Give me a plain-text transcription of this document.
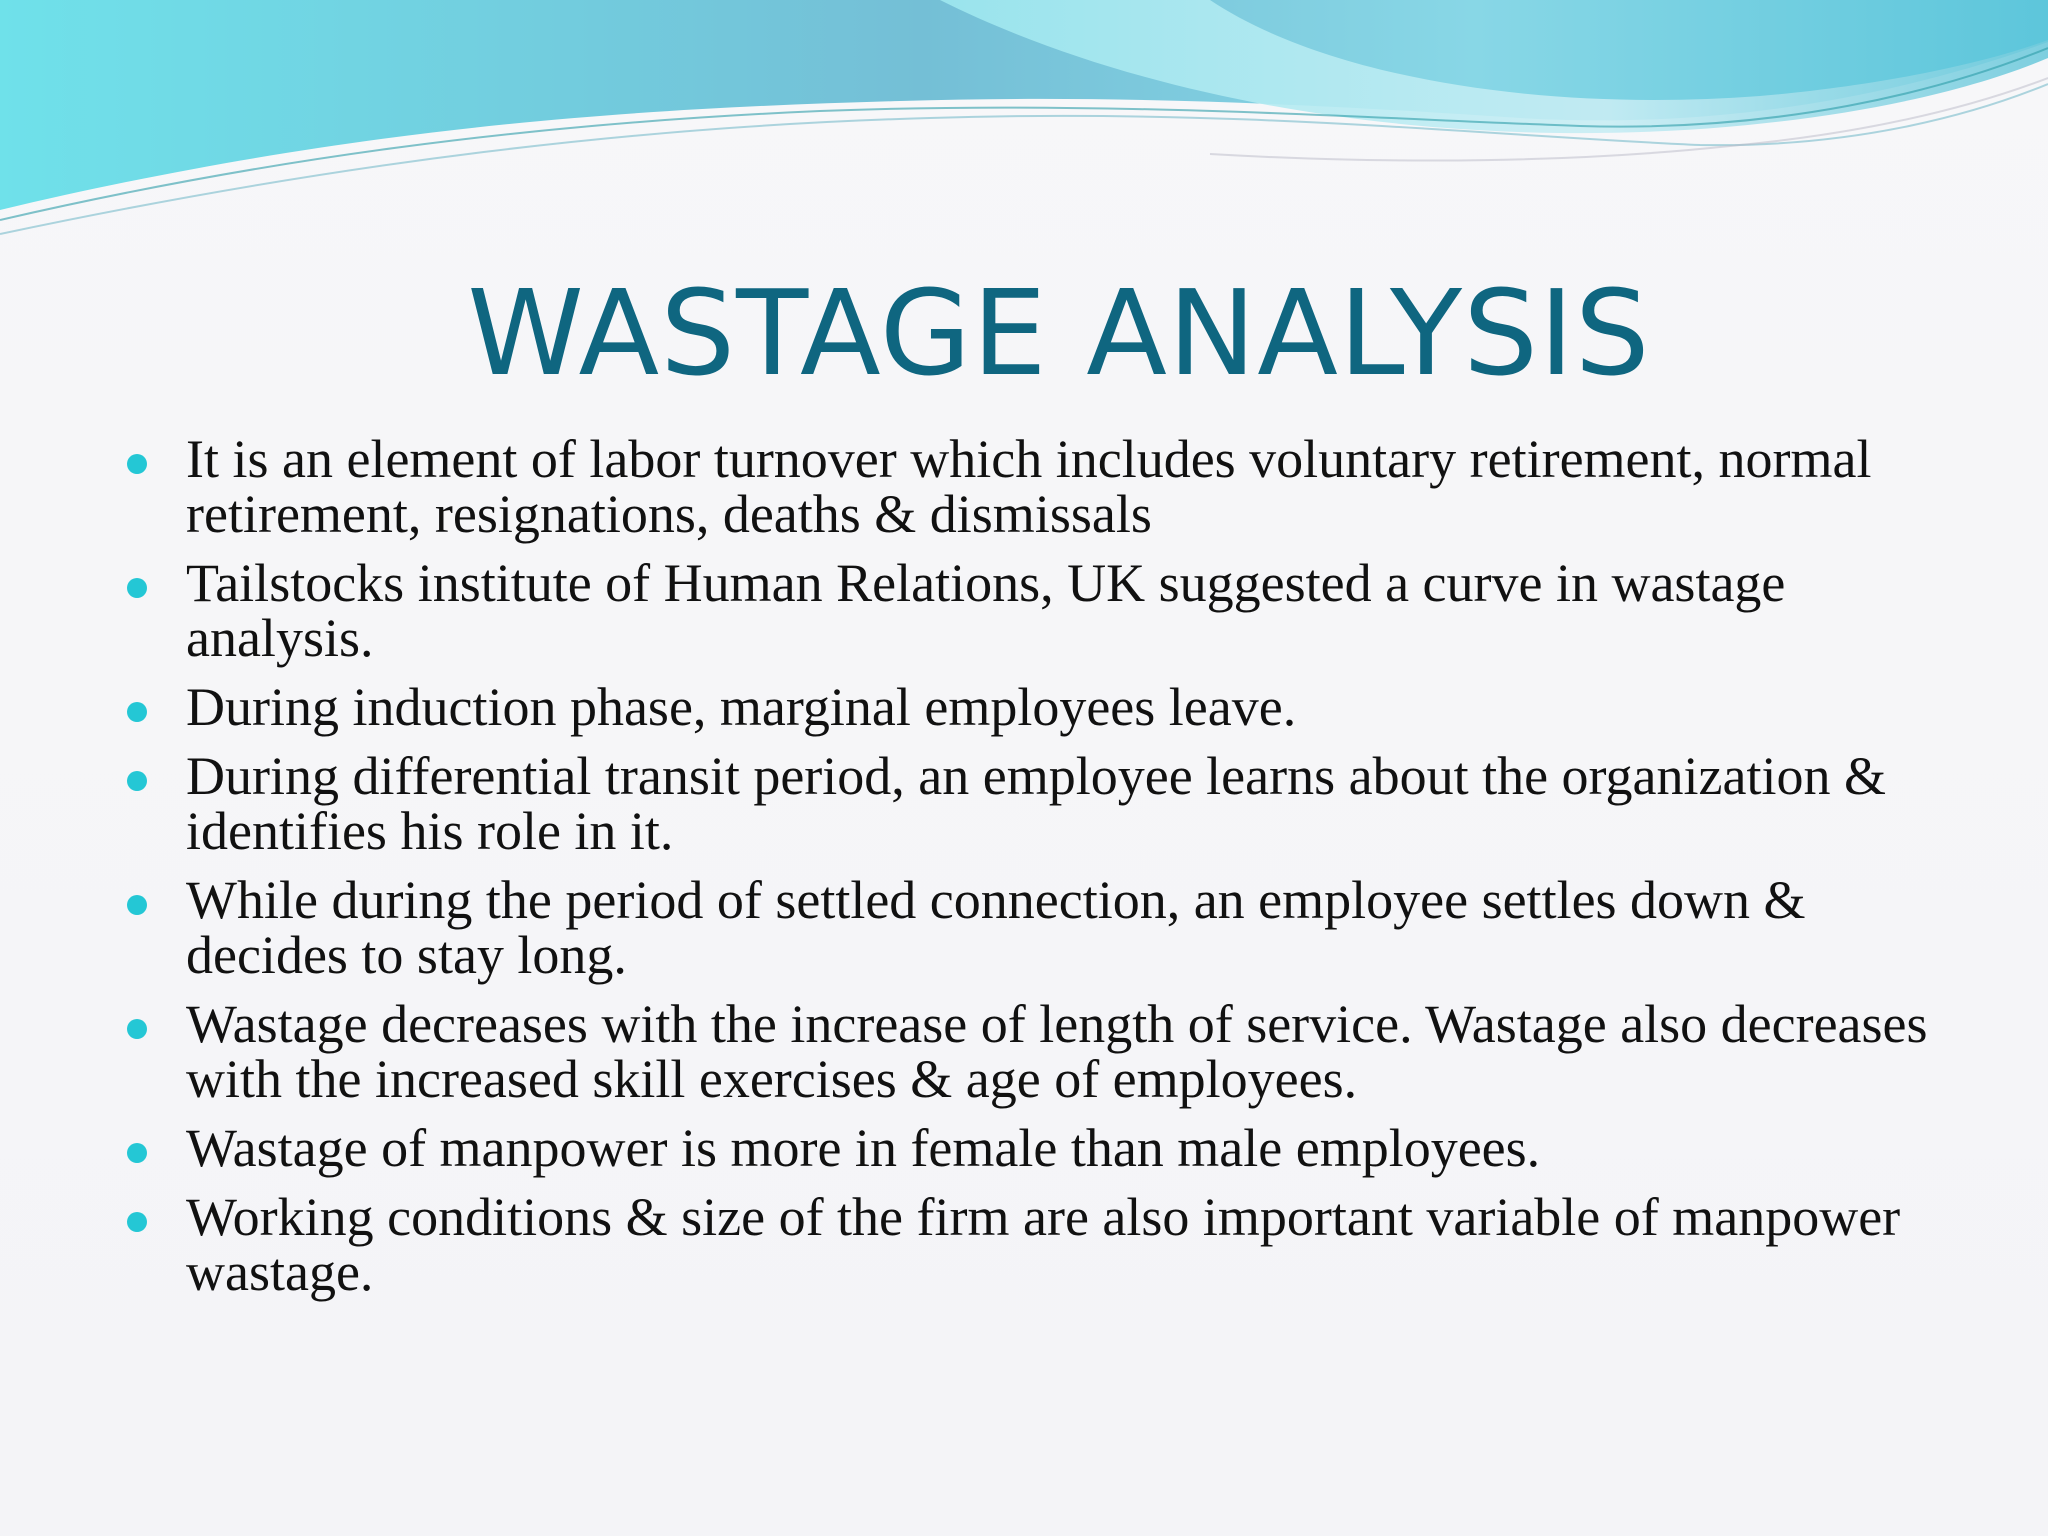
WASTAGE ANALYSIS
It is an element of labor turnover which includes voluntary retirement, normal retirement, resignations, deaths & dismissals
Tailstocks institute of Human Relations, UK suggested a curve in wastage analysis.
During induction phase, marginal employees leave.
During differential transit period, an employee learns about the organization & identifies his role in it.
While during the period of settled connection, an employee settles down & decides to stay long.
Wastage decreases with the increase of length of service. Wastage also decreases with the increased skill exercises & age of employees.
Wastage of manpower is more in female than male employees.
Working conditions & size of the firm are also important variable of manpower wastage.
